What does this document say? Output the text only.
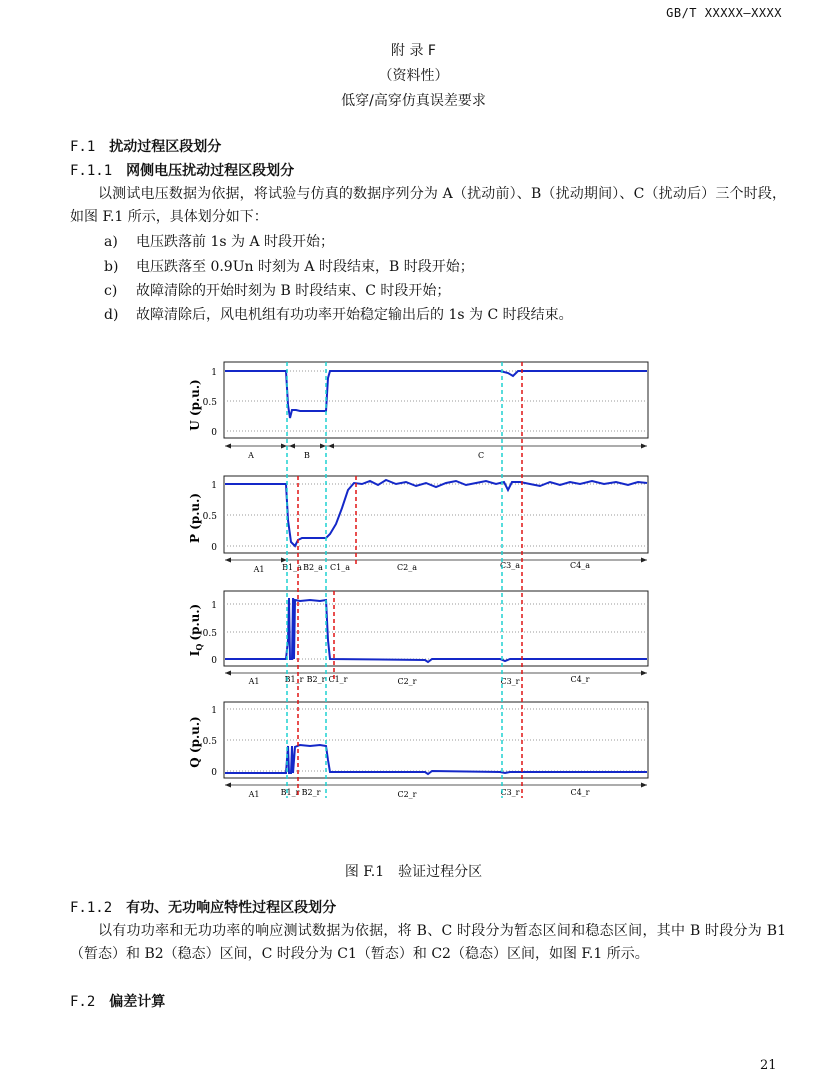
GB/T XXXXX—XXXX
附 录 F
（资料性）
低穿/高穿仿真误差要求
F.1 扰动过程区段划分
F.1.1 网侧电压扰动过程区段划分
以测试电压数据为依据，将试验与仿真的数据序列分为 A（扰动前）、B（扰动期间）、C（扰动后）三个时段，如图 F.1 所示，具体划分如下：
a) 电压跌落前 1s 为 A 时段开始；
b) 电压跌落至 0.9Un 时刻为 A 时段结束，B 时段开始；
c) 故障清除的开始时刻为 B 时段结束、C 时段开始；
d) 故障清除后，风电机组有功功率开始稳定输出后的 1s 为 C 时段结束。
1
0.5
0
U (p.u.)
A	B	C
1
0.5
0
P (p.u.)
A1 B1_a B2_a C1_a	C2_a	C3_a	C4_a
1
0.5
0
$I_Q(p.u.)$
A1	B1_r B2_r C1_r	C2_r	C3_r	C4_r
1
0.5
0
Q (p.u.)
A1	B1_r B2_r	C2_r	C3_r	C4_r
图 F.1　验证过程分区
F.1.2 有功、无功响应特性过程区段划分
以有功功率和无功功率的响应测试数据为依据，将 B、C 时段分为暂态区间和稳态区间，其中 B 时段分为 B1（暂态）和 B2（稳态）区间，C 时段分为 C1（暂态）和 C2（稳态）区间，如图 F.1 所示。
F.2 偏差计算
21
